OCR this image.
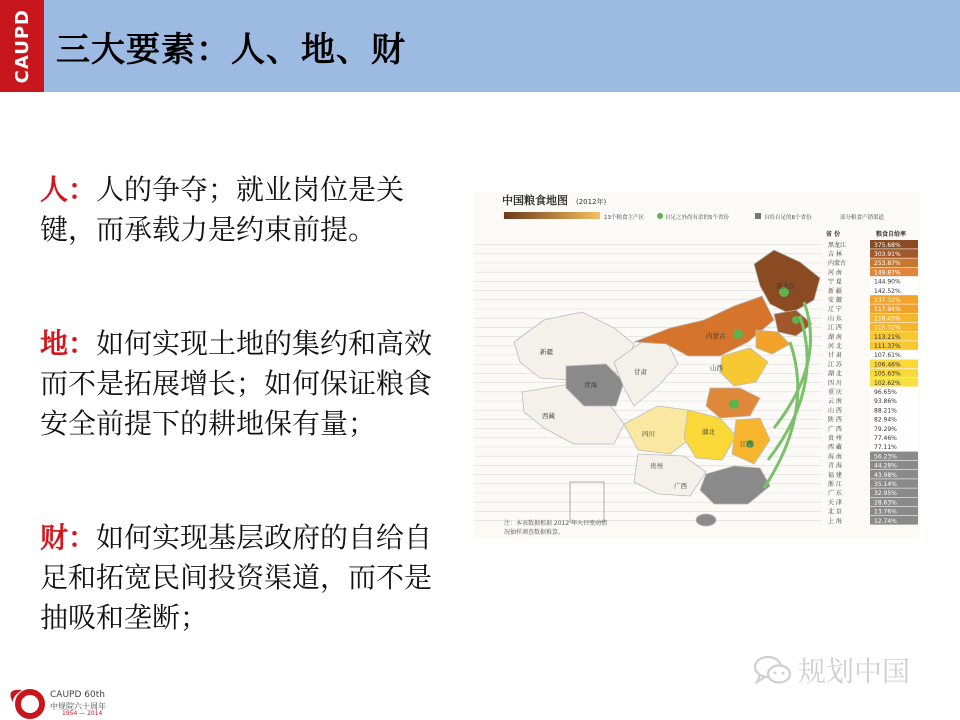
CAUPD 三大要素：人、地、财
人：人的争夺；就业岗位是关键，而承载力是约束前提。
地：如何实现土地的集约和高效而不是拓展增长；如何保证粮食安全前提下的耕地保有量；
财：如何实现基层政府的自给自足和拓宽民间投资渠道，而不是抽吸和垄断；
中国粮食地图 (2012年)
13个粮食主产区	自足之外尚有余的5个省份	自给自足的8个省份	部分粮食产销渠道
新疆
西藏
青海
甘肃
四川
内蒙古
黑龙江
山西
湖北
江西
广西
贵州
省 份	粮食自给率
黑龙江	375.68%
吉 林	303.91%
内蒙古	253.87%
河 南	149.87%
宁 夏	144.90%
新 疆	142.52%
安 徽	137.32%
辽 宁	117.94%
山 东	116.45%
江 西	115.72%
湖 南	113.21%
河 北	111.37%
甘 肃	107.61%
江 苏	106.46%
湖 北	105.63%
四 川	102.62%
重 庆	96.65%
云 南	93.86%
山 西	88.21%
陕 西	82.94%
广 西	79.29%
贵 州	77.46%
西 藏	77.11%
海 南	56.23%
青 海	44.28%
福 建	43.98%
浙 江	35.14%
广 东	32.95%
天 津	28.63%
北 京	13.76%
上 海	12.74%
注：本表数据根据 2012 年人口变动情
况抽样调查数据推算。
CAUPD 60th
中规院六十周年
1954 — 2014
规划中国
